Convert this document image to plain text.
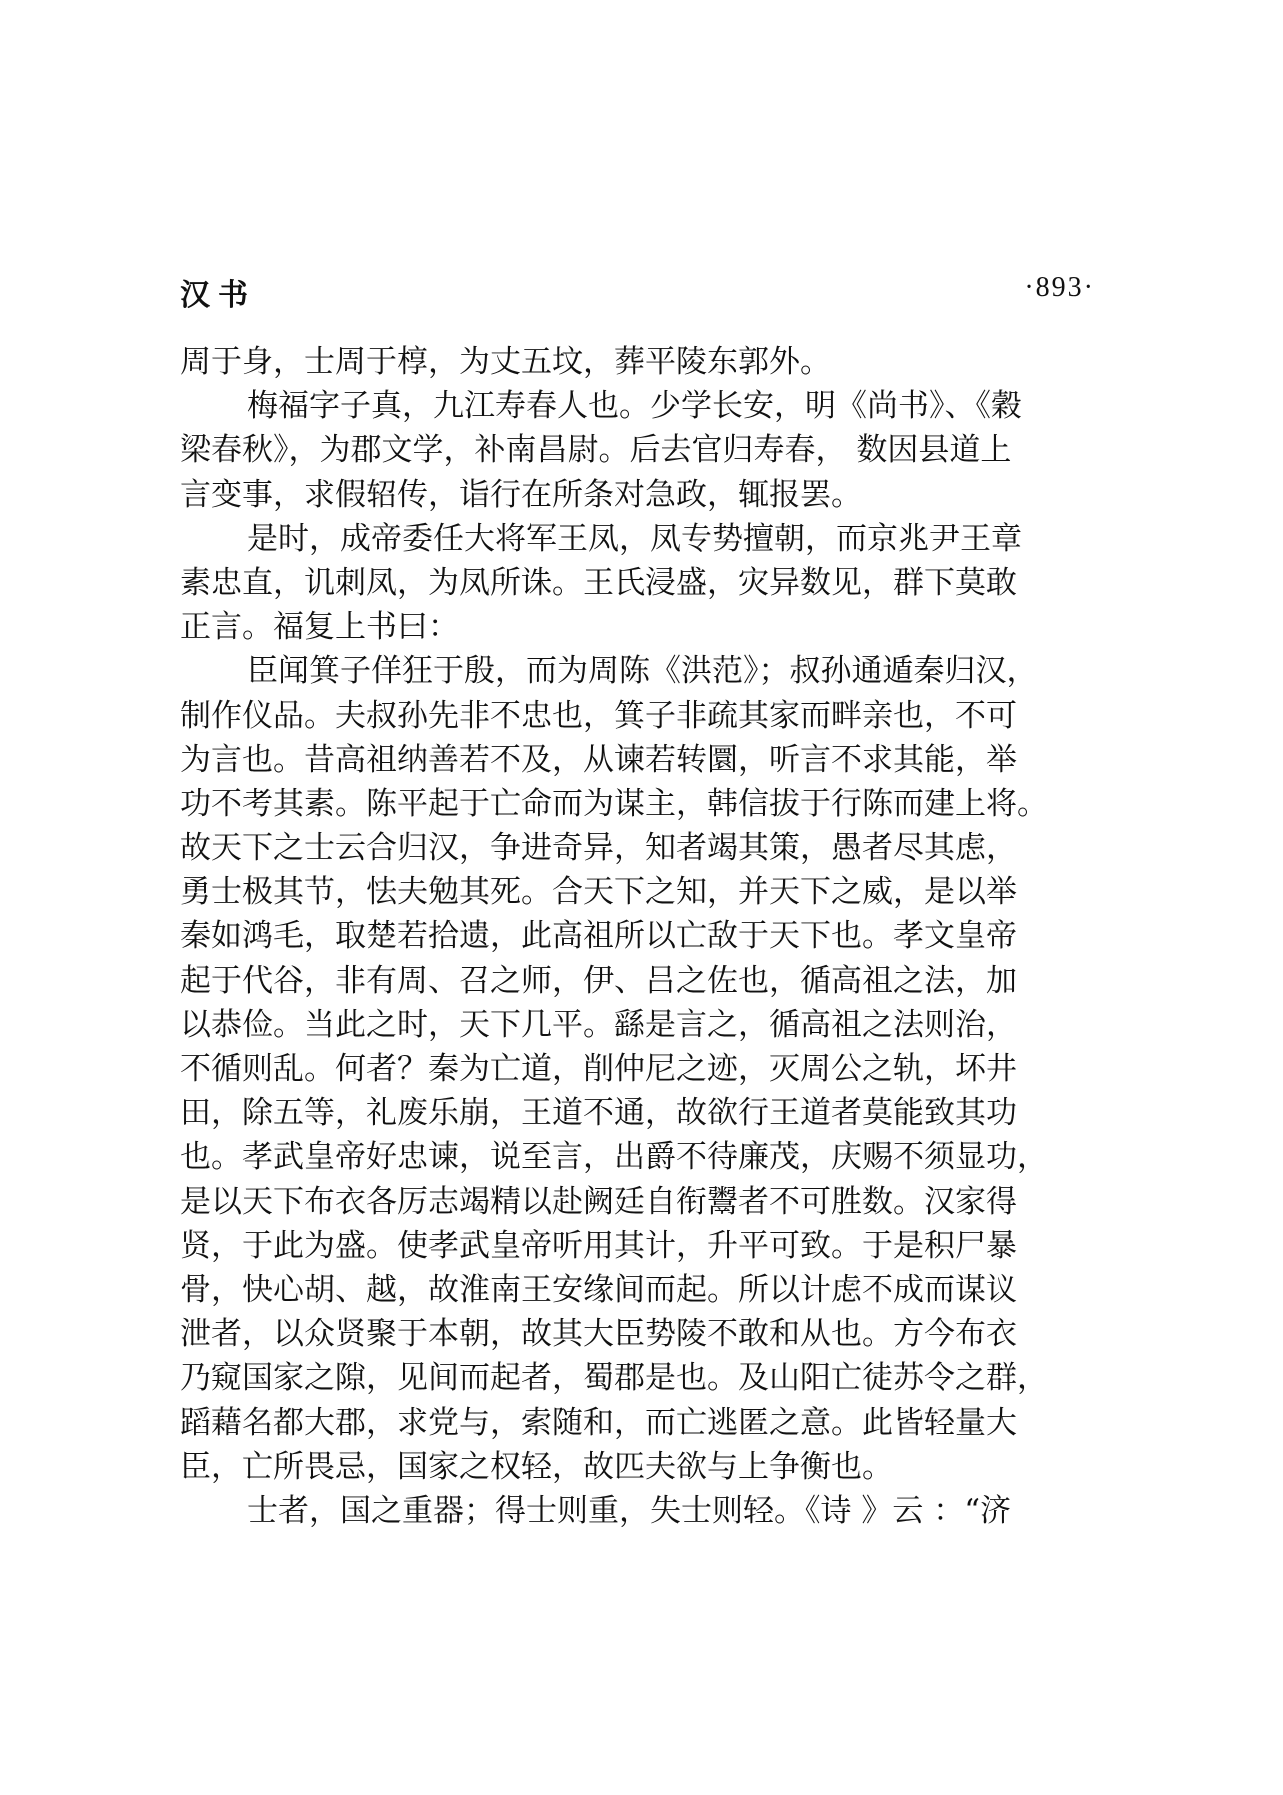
汉书	·893·
周于身，士周于椁，为丈五坟，葬平陵东郭外。
梅福字子真，九江寿春人也。少学长安，明《尚书》、《穀
梁春秋》，为郡文学，补南昌尉。后去官归寿春， 数因县道上
言变事，求假轺传，诣行在所条对急政，辄报罢。
是时，成帝委任大将军王凤，凤专势擅朝，而京兆尹王章
素忠直，讥刺凤，为凤所诛。王氏浸盛，灾异数见，群下莫敢
正言。福复上书曰：
臣闻箕子佯狂于殷，而为周陈《洪范》；叔孙通遁秦归汉，
制作仪品。夫叔孙先非不忠也，箕子非疏其家而畔亲也，不可
为言也。昔高祖纳善若不及，从谏若转圜，听言不求其能，举
功不考其素。陈平起于亡命而为谋主，韩信拔于行陈而建上将。
故天下之士云合归汉，争进奇异，知者竭其策，愚者尽其虑，
勇士极其节，怯夫勉其死。合天下之知，并天下之威，是以举
秦如鸿毛，取楚若拾遗，此高祖所以亡敌于天下也。孝文皇帝
起于代谷，非有周、召之师，伊、吕之佐也，循高祖之法，加
以恭俭。当此之时，天下几平。繇是言之，循高祖之法则治，
不循则乱。何者？秦为亡道，削仲尼之迹，灭周公之轨，坏井
田，除五等，礼废乐崩，王道不通，故欲行王道者莫能致其功
也。孝武皇帝好忠谏，说至言，出爵不待廉茂，庆赐不须显功，
是以天下布衣各厉志竭精以赴阙廷自衔鬻者不可胜数。汉家得
贤，于此为盛。使孝武皇帝听用其计，升平可致。于是积尸暴
骨，快心胡、越，故淮南王安缘间而起。所以计虑不成而谋议
泄者，以众贤聚于本朝，故其大臣势陵不敢和从也。方今布衣
乃窥国家之隙，见间而起者，蜀郡是也。及山阳亡徒苏令之群，
蹈藉名都大郡，求党与，索随和，而亡逃匿之意。此皆轻量大
臣，亡所畏忌，国家之权轻，故匹夫欲与上争衡也。
士者，国之重器；得士则重，失士则轻。《诗 》云 ：“济
